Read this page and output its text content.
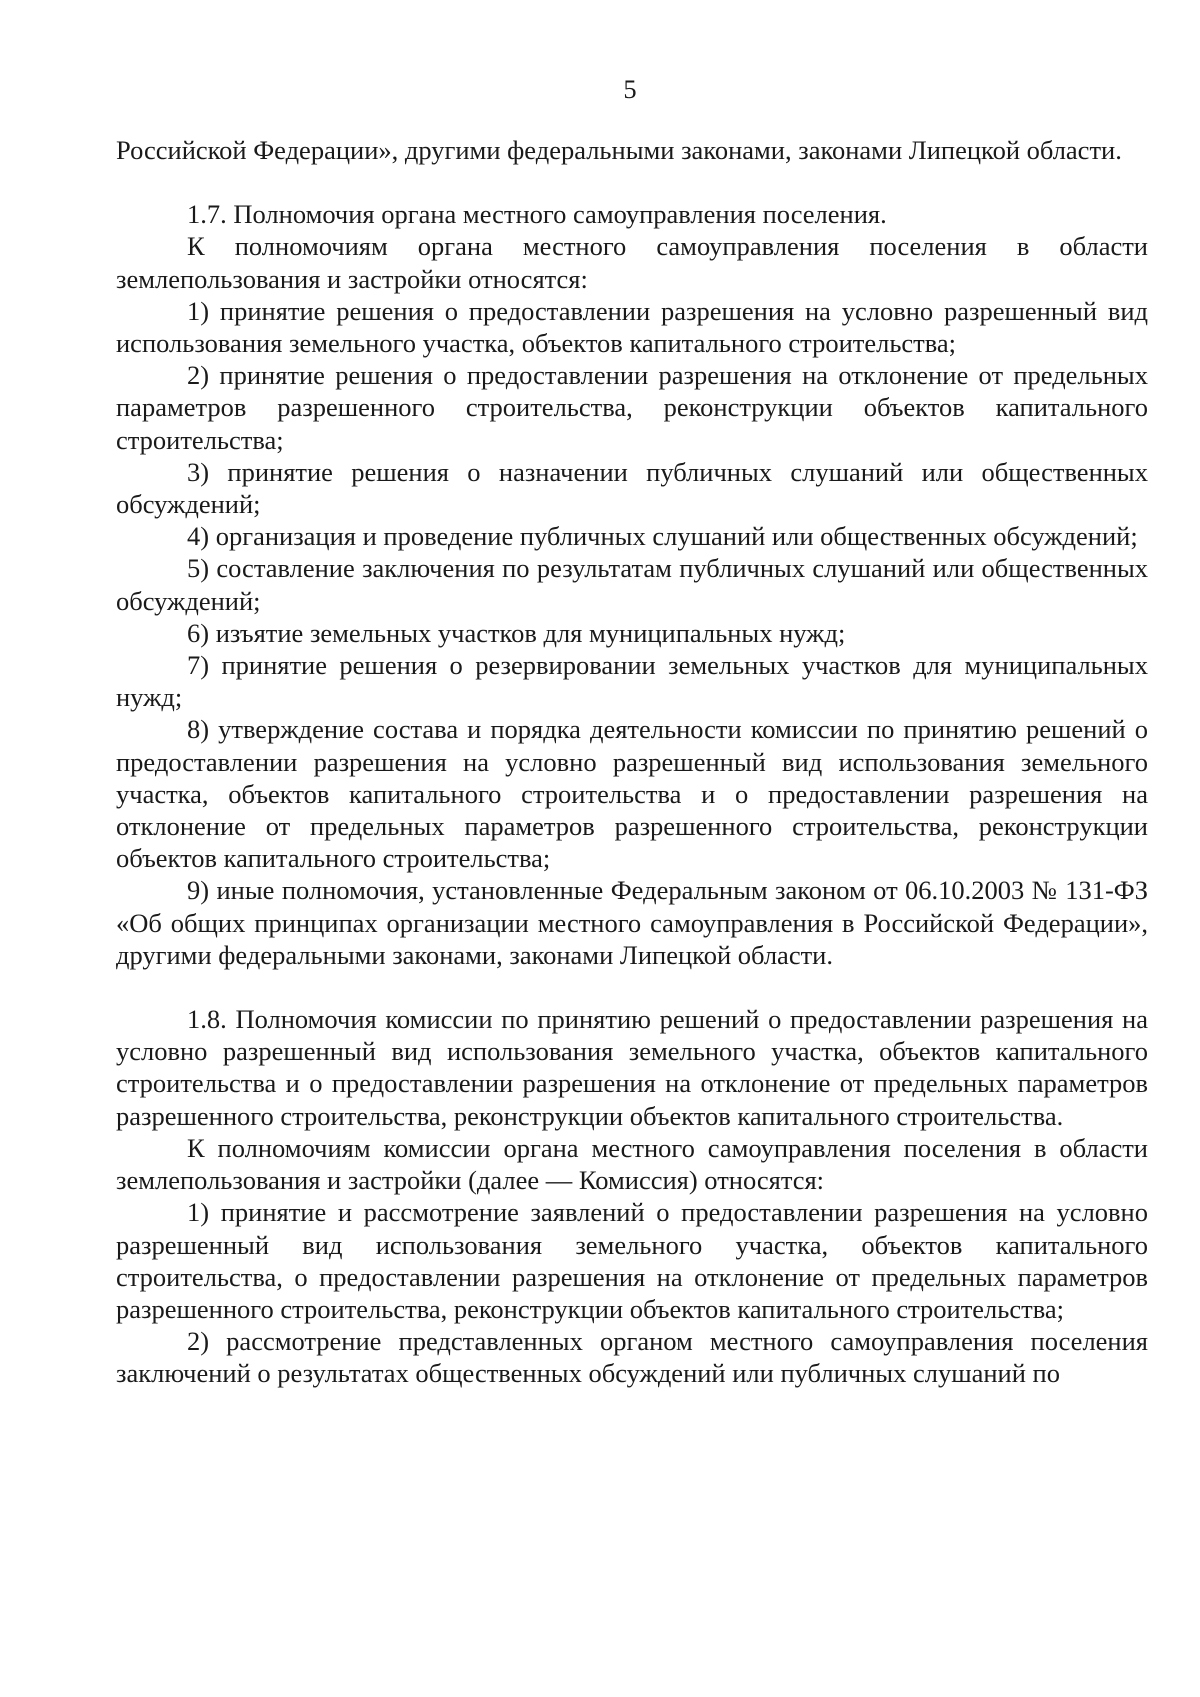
5

Российской Федерации», другими федеральными законами, законами Липецкой области.

1.7. Полномочия органа местного самоуправления поселения.

К полномочиям органа местного самоуправления поселения в области землепользования и застройки относятся:

1) принятие решения о предоставлении разрешения на условно разрешенный вид использования земельного участка, объектов капитального строительства;

2) принятие решения о предоставлении разрешения на отклонение от предельных параметров разрешенного строительства, реконструкции объектов капитального строительства;

3) принятие решения о назначении публичных слушаний или общественных обсуждений;

4) организация и проведение публичных слушаний или общественных обсуждений;

5) составление заключения по результатам публичных слушаний или общественных обсуждений;

6) изъятие земельных участков для муниципальных нужд;

7) принятие решения о резервировании земельных участков для муниципальных нужд;

8) утверждение состава и порядка деятельности комиссии по принятию решений о предоставлении разрешения на условно разрешенный вид использования земельного участка, объектов капитального строительства и о предоставлении разрешения на отклонение от предельных параметров разрешенного строительства, реконструкции объектов капитального строительства;

9) иные полномочия, установленные Федеральным законом от 06.10.2003 № 131-ФЗ «Об общих принципах организации местного самоуправления в Российской Федерации», другими федеральными законами, законами Липецкой области.

1.8. Полномочия комиссии по принятию решений о предоставлении разрешения на условно разрешенный вид использования земельного участка, объектов капитального строительства и о предоставлении разрешения на отклонение от предельных параметров разрешенного строительства, реконструкции объектов капитального строительства.

К полномочиям комиссии органа местного самоуправления поселения в области землепользования и застройки (далее — Комиссия) относятся:

1) принятие и рассмотрение заявлений о предоставлении разрешения на условно разрешенный вид использования земельного участка, объектов капитального строительства, о предоставлении разрешения на отклонение от предельных параметров разрешенного строительства, реконструкции объектов капитального строительства;

2) рассмотрение представленных органом местного самоуправления поселения заключений о результатах общественных обсуждений или публичных слушаний по
